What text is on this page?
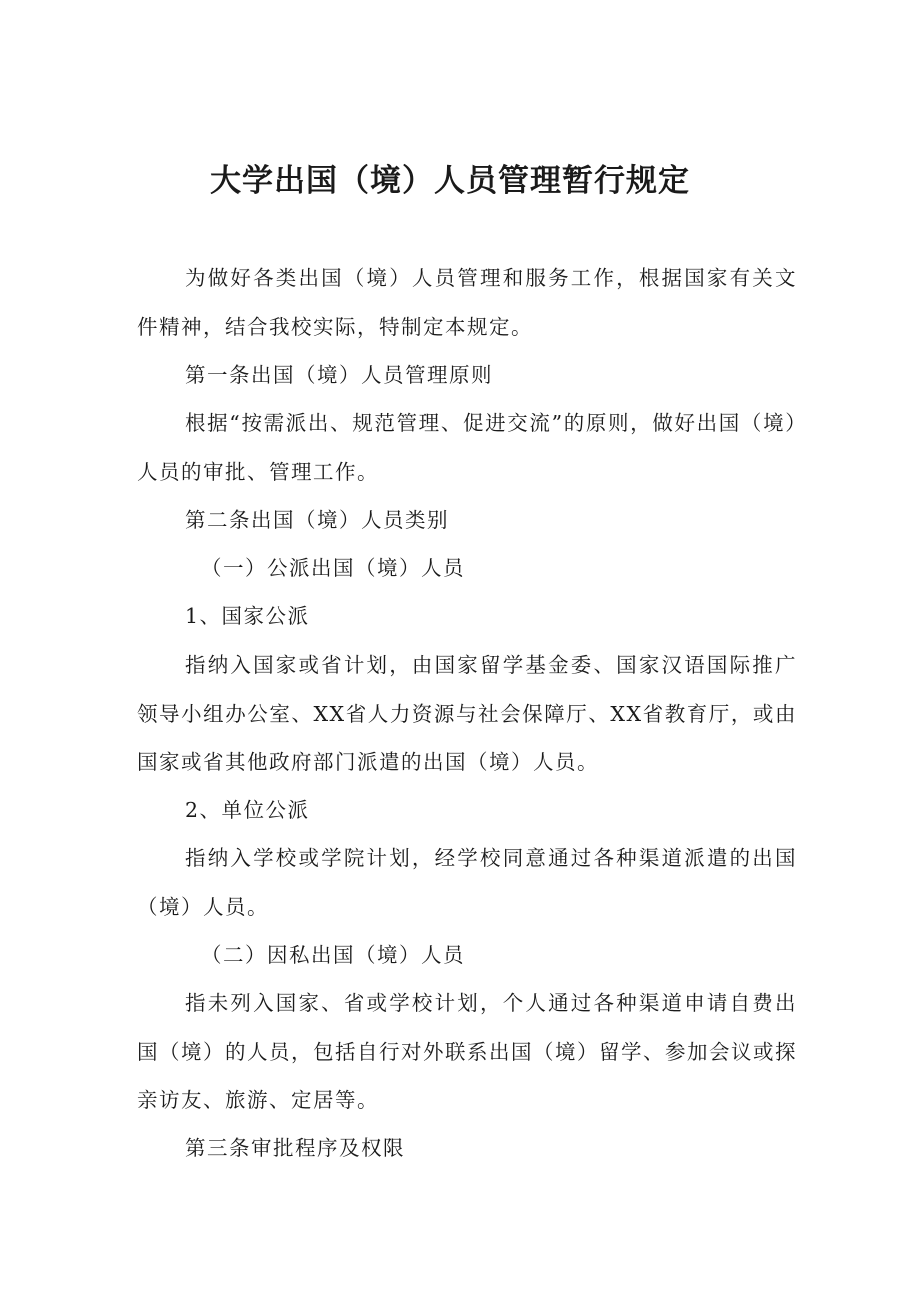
大学出国（境）人员管理暂行规定

为做好各类出国（境）人员管理和服务工作，根据国家有关文件精神，结合我校实际，特制定本规定。

第一条出国（境）人员管理原则

根据“按需派出、规范管理、促进交流”的原则，做好出国（境）人员的审批、管理工作。

第二条出国（境）人员类别

（一）公派出国（境）人员

1、国家公派

指纳入国家或省计划，由国家留学基金委、国家汉语国际推广领导小组办公室、XX省人力资源与社会保障厅、XX省教育厅，或由国家或省其他政府部门派遣的出国（境）人员。

2、单位公派

指纳入学校或学院计划，经学校同意通过各种渠道派遣的出国（境）人员。

（二）因私出国（境）人员

指未列入国家、省或学校计划，个人通过各种渠道申请自费出国（境）的人员，包括自行对外联系出国（境）留学、参加会议或探亲访友、旅游、定居等。

第三条审批程序及权限
